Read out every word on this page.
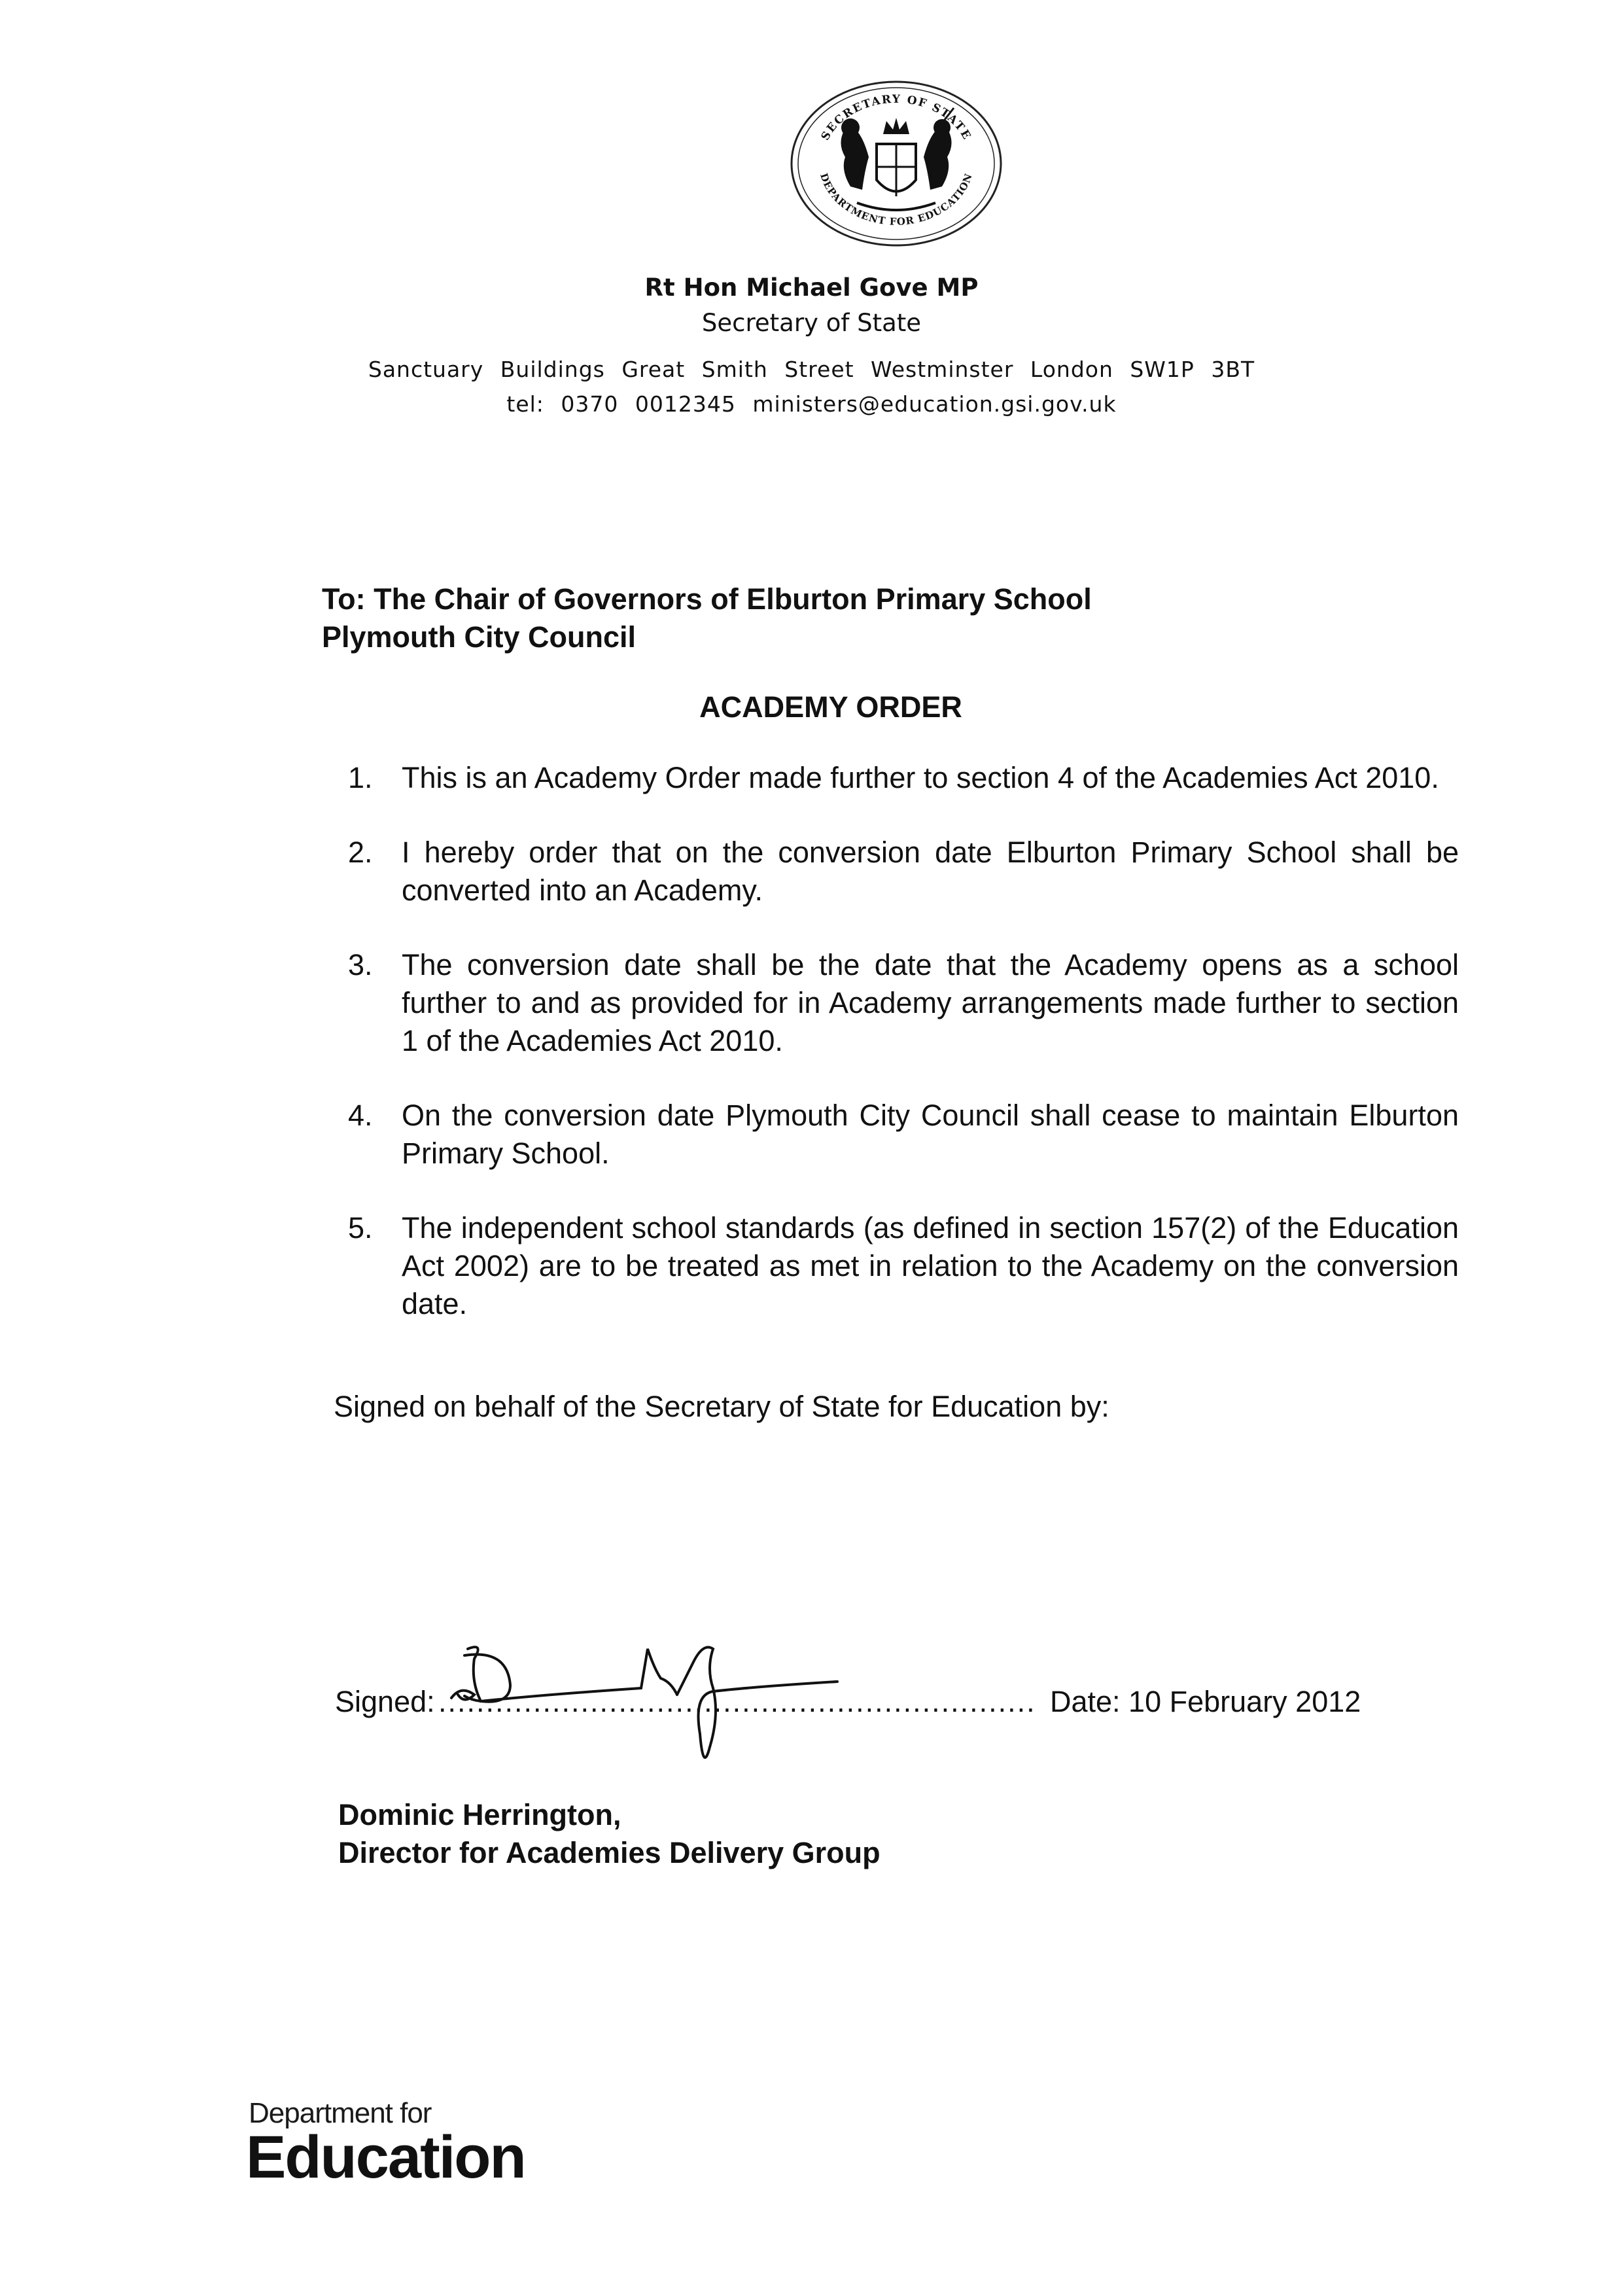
SECRETARY OF STATE
DEPARTMENT FOR EDUCATION
Rt Hon Michael Gove MP
Secretary of State
Sanctuary Buildings Great Smith Street Westminster London SW1P 3BT
tel: 0370 0012345 ministers@education.gsi.gov.uk
To: The Chair of Governors of Elburton Primary School
Plymouth City Council
ACADEMY ORDER
1. This is an Academy Order made further to section 4 of the Academies Act 2010.
2. I hereby order that on the conversion date Elburton Primary School shall be converted into an Academy.
3. The conversion date shall be the date that the Academy opens as a school further to and as provided for in Academy arrangements made further to section 1 of the Academies Act 2010.
4. On the conversion date Plymouth City Council shall cease to maintain Elburton Primary School.
5. The independent school standards (as defined in section 157(2) of the Education Act 2002) are to be treated as met in relation to the Academy on the conversion date.
Signed on behalf of the Secretary of State for Education by:
Signed: ............................................................... Date: 10 February 2012
Dominic Herrington,
Director for Academies Delivery Group
Department for
Education
